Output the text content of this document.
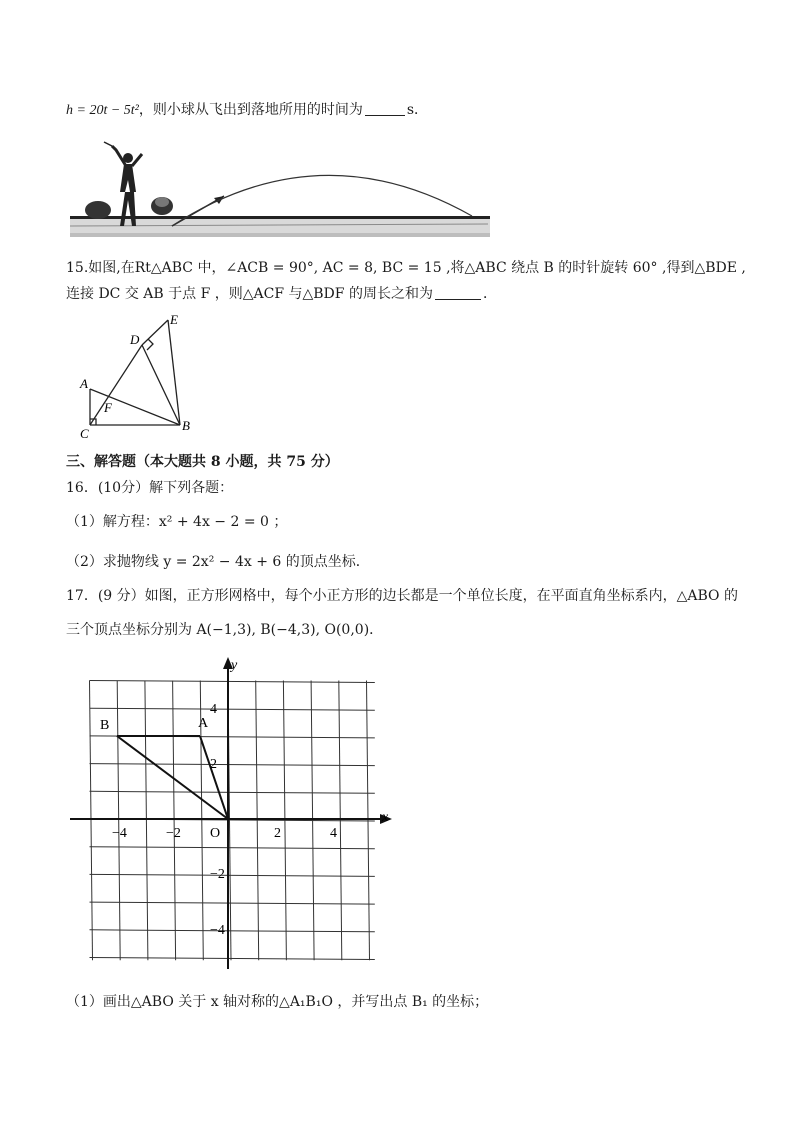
h = 20t − 5t²，则小球从飞出到落地所用的时间为	s．
15.如图,在Rt△ABC 中，∠ACB = 90°, AC = 8, BC = 15 ,将△ABC 绕点 B 的时针旋转 60° ,得到△BDE ,
连接 DC 交 AB 于点 F ，则△ACF 与△BDF 的周长之和为	．
A
C
B
D
E
F
三、解答题（本大题共 8 小题，共 75 分）
16．(10分）解下列各题：
（1）解方程：x² + 4x − 2 = 0 ；
（2）求抛物线 y = 2x² − 4x + 6 的顶点坐标．
17．(9 分）如图，正方形网格中，每个小正方形的边长都是一个单位长度，在平面直角坐标系内，△ABO 的
三个顶点坐标分别为 A(−1,3), B(−4,3), O(0,0)．
x
y
B	A
−4	−2 O	2	4
4
2
−2
−4
（1）画出△ABO 关于 x 轴对称的△A₁B₁O ，并写出点 B₁ 的坐标；
